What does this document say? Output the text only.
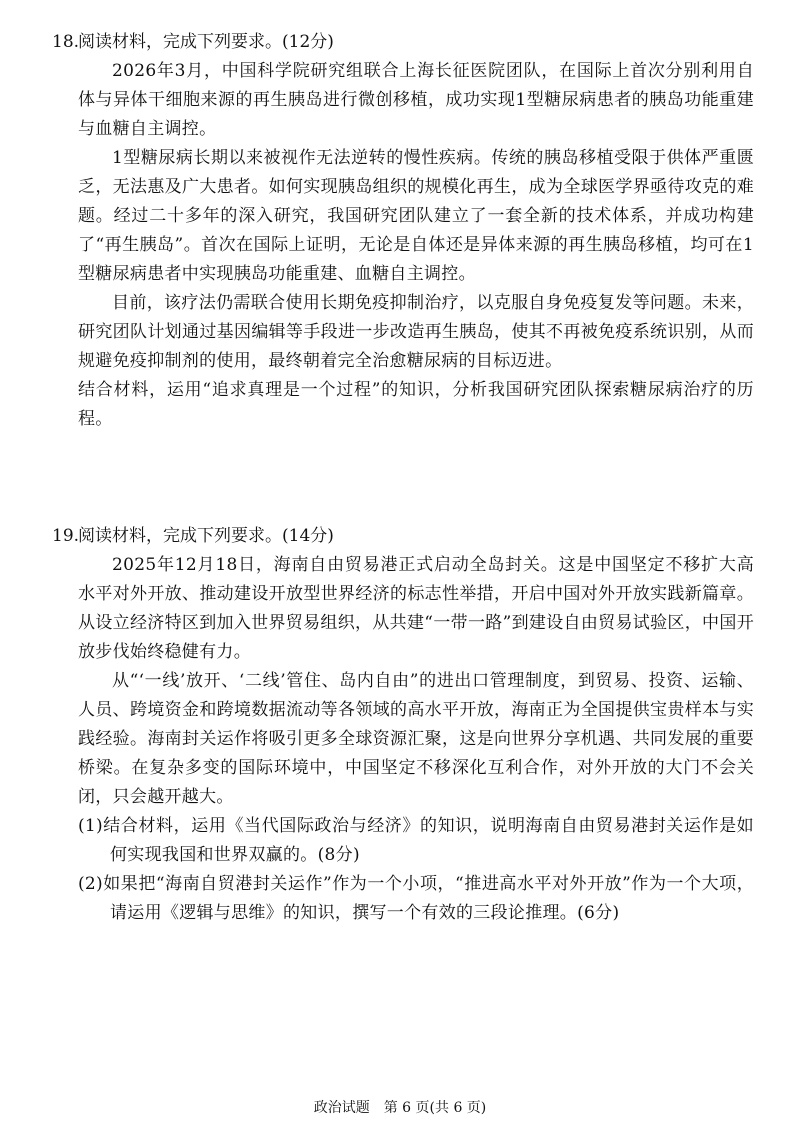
18.
阅读材料，完成下列要求。(12分)

2026年3月，中国科学院研究组联合上海长征医院团队，在国际上首次分别利用自体与异体干细胞来源的再生胰岛进行微创移植，成功实现1型糖尿病患者的胰岛功能重建与血糖自主调控。

1型糖尿病长期以来被视作无法逆转的慢性疾病。传统的胰岛移植受限于供体严重匮乏，无法惠及广大患者。如何实现胰岛组织的规模化再生，成为全球医学界亟待攻克的难题。经过二十多年的深入研究，我国研究团队建立了一套全新的技术体系，并成功构建了“再生胰岛”。首次在国际上证明，无论是自体还是异体来源的再生胰岛移植，均可在1型糖尿病患者中实现胰岛功能重建、血糖自主调控。

目前，该疗法仍需联合使用长期免疫抑制治疗，以克服自身免疫复发等问题。未来，研究团队计划通过基因编辑等手段进一步改造再生胰岛，使其不再被免疫系统识别，从而规避免疫抑制剂的使用，最终朝着完全治愈糖尿病的目标迈进。

结合材料，运用“追求真理是一个过程”的知识，分析我国研究团队探索糖尿病治疗的历程。

19.
阅读材料，完成下列要求。(14分)

2025年12月18日，海南自由贸易港正式启动全岛封关。这是中国坚定不移扩大高水平对外开放、推动建设开放型世界经济的标志性举措，开启中国对外开放实践新篇章。从设立经济特区到加入世界贸易组织，从共建“一带一路”到建设自由贸易试验区，中国开放步伐始终稳健有力。

从“‘一线’放开、‘二线’管住、岛内自由”的进出口管理制度，到贸易、投资、运输、人员、跨境资金和跨境数据流动等各领域的高水平开放，海南正为全国提供宝贵样本与实践经验。海南封关运作将吸引更多全球资源汇聚，这是向世界分享机遇、共同发展的重要桥梁。在复杂多变的国际环境中，中国坚定不移深化互利合作，对外开放的大门不会关闭，只会越开越大。

(1)结合材料，运用《当代国际政治与经济》的知识，说明海南自由贸易港封关运作是如何实现我国和世界双赢的。(8分)

(2)如果把“海南自贸港封关运作”作为一个小项，“推进高水平对外开放”作为一个大项，请运用《逻辑与思维》的知识，撰写一个有效的三段论推理。(6分)

政治试题　第 6 页(共 6 页)
